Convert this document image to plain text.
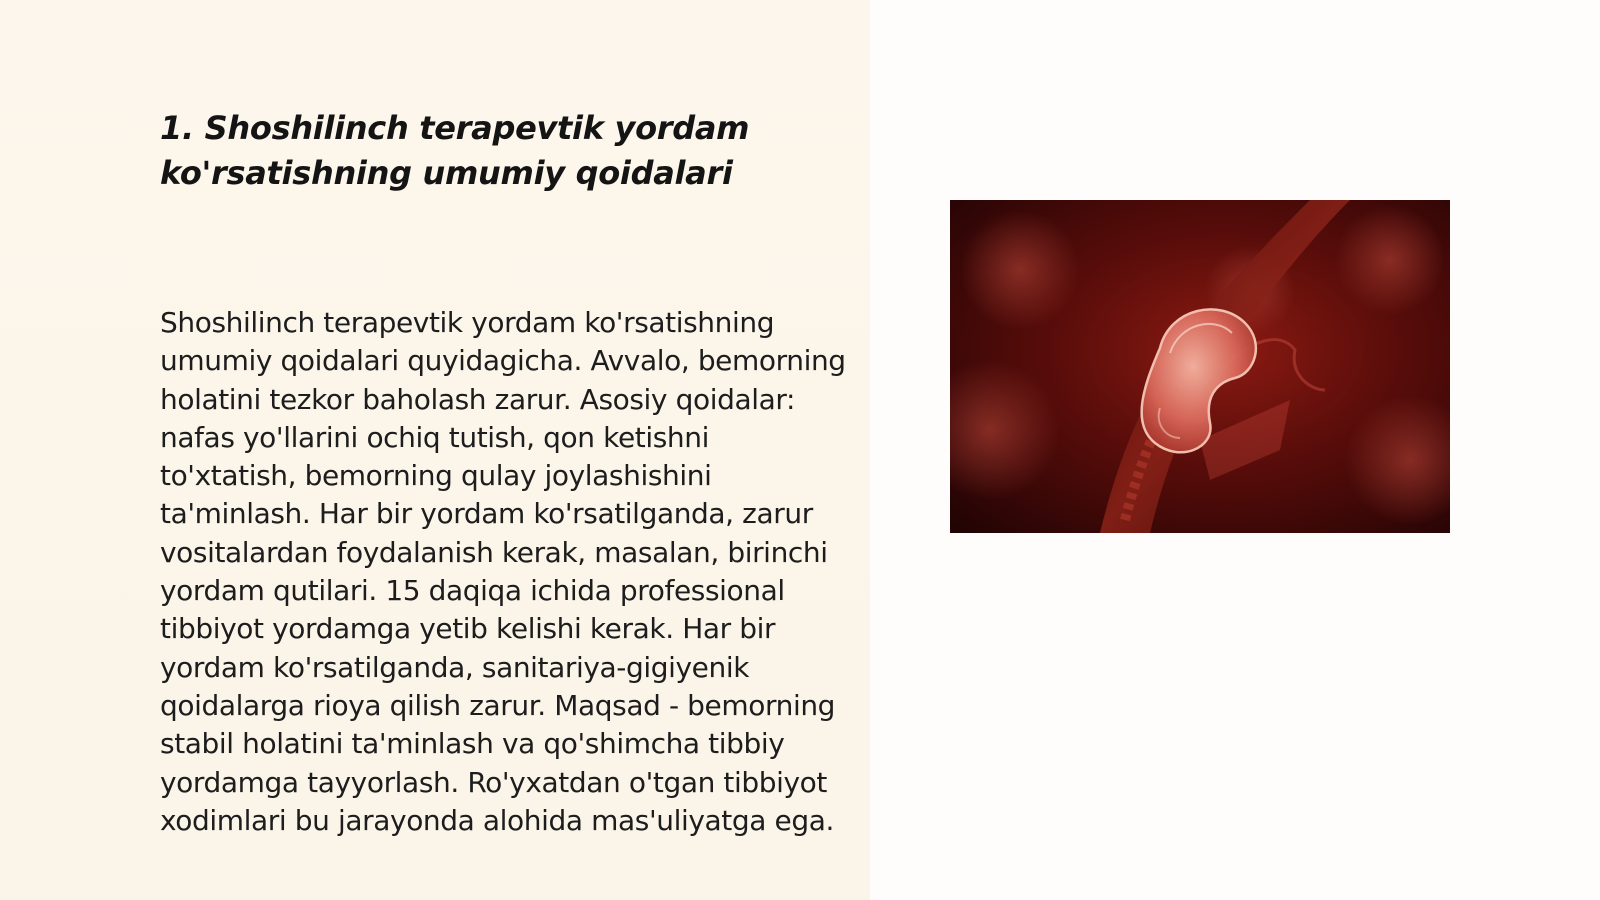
1. Shoshilinch terapevtik yordam ko'rsatishning umumiy qoidalari

Shoshilinch terapevtik yordam ko'rsatishning umumiy qoidalari quyidagicha. Avvalo, bemorning holatini tezkor baholash zarur. Asosiy qoidalar: nafas yo'llarini ochiq tutish, qon ketishni to'xtatish, bemorning qulay joylashishini ta'minlash. Har bir yordam ko'rsatilganda, zarur vositalardan foydalanish kerak, masalan, birinchi yordam qutilari. 15 daqiqa ichida professional tibbiyot yordamga yetib kelishi kerak. Har bir yordam ko'rsatilganda, sanitariya-gigiyenik qoidalarga rioya qilish zarur. Maqsad - bemorning stabil holatini ta'minlash va qo'shimcha tibbiy yordamga tayyorlash. Ro'yxatdan o'tgan tibbiyot xodimlari bu jarayonda alohida mas'uliyatga ega.
